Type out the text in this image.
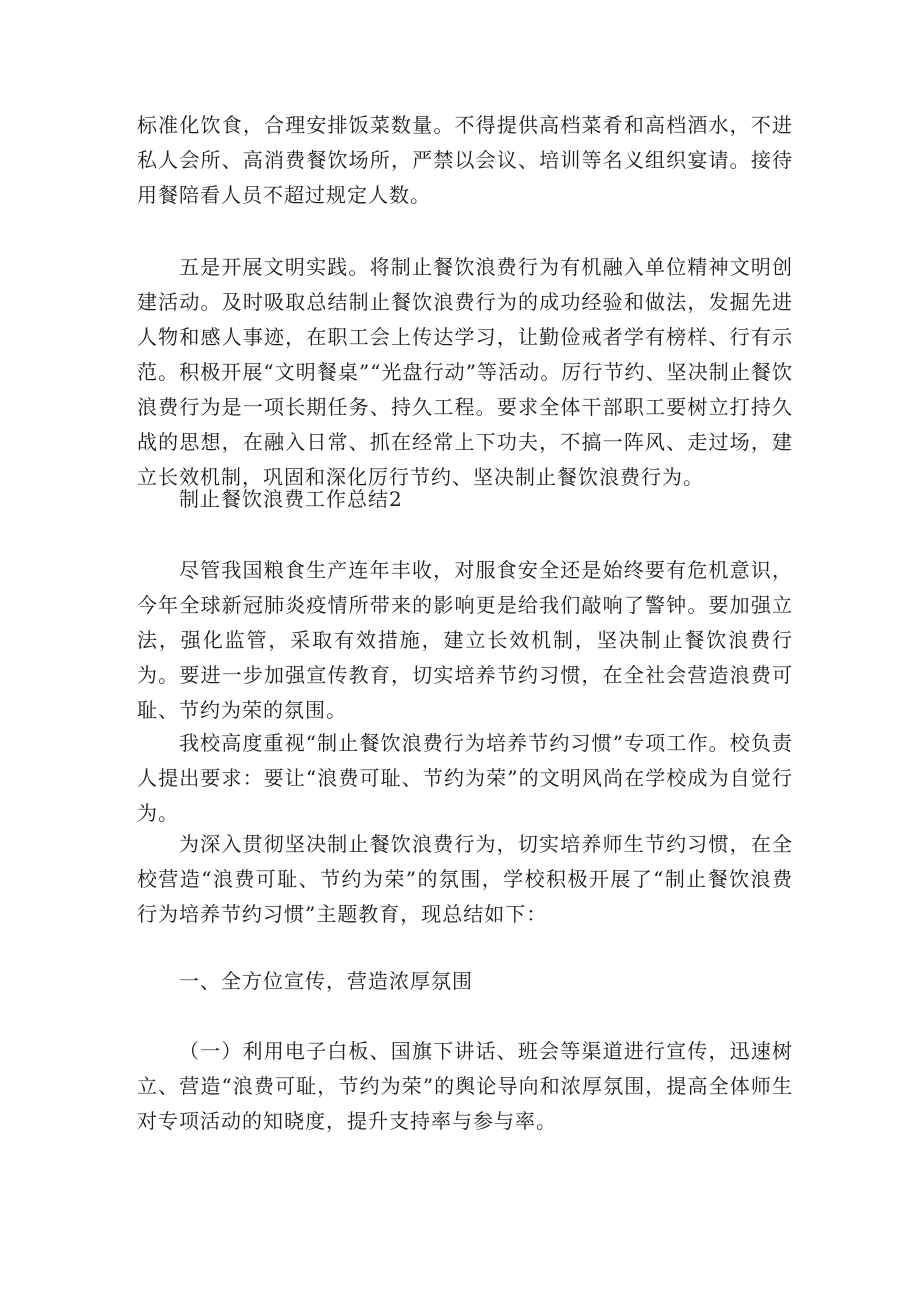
标准化饮食，合理安排饭菜数量。不得提供高档菜肴和高档酒水，不进私人会所、高消费餐饮场所，严禁以会议、培训等名义组织宴请。接待用餐陪看人员不超过规定人数。

五是开展文明实践。将制止餐饮浪费行为有机融入单位精神文明创建活动。及时吸取总结制止餐饮浪费行为的成功经验和做法，发掘先进人物和感人事迹，在职工会上传达学习，让勤俭戒者学有榜样、行有示范。积极开展“文明餐桌”“光盘行动”等活动。厉行节约、坚决制止餐饮浪费行为是一项长期任务、持久工程。要求全体干部职工要树立打持久战的思想，在融入日常、抓在经常上下功夫，不搞一阵风、走过场，建立长效机制，巩固和深化厉行节约、坚决制止餐饮浪费行为。

制止餐饮浪费工作总结2

尽管我国粮食生产连年丰收，对服食安全还是始终要有危机意识，今年全球新冠肺炎疫情所带来的影响更是给我们敲响了警钟。要加强立法，强化监管，采取有效措施，建立长效机制，坚决制止餐饮浪费行为。要进一步加强宣传教育，切实培养节约习惯，在全社会营造浪费可耻、节约为荣的氛围。

我校高度重视“制止餐饮浪费行为培养节约习惯”专项工作。校负责人提出要求：要让“浪费可耻、节约为荣”的文明风尚在学校成为自觉行为。

为深入贯彻坚决制止餐饮浪费行为，切实培养师生节约习惯，在全校营造“浪费可耻、节约为荣”的氛围，学校积极开展了“制止餐饮浪费行为培养节约习惯”主题教育，现总结如下：

一、全方位宣传，营造浓厚氛围

（一）利用电子白板、国旗下讲话、班会等渠道进行宣传，迅速树立、营造“浪费可耻，节约为荣”的舆论导向和浓厚氛围，提高全体师生对专项活动的知晓度，提升支持率与参与率。
